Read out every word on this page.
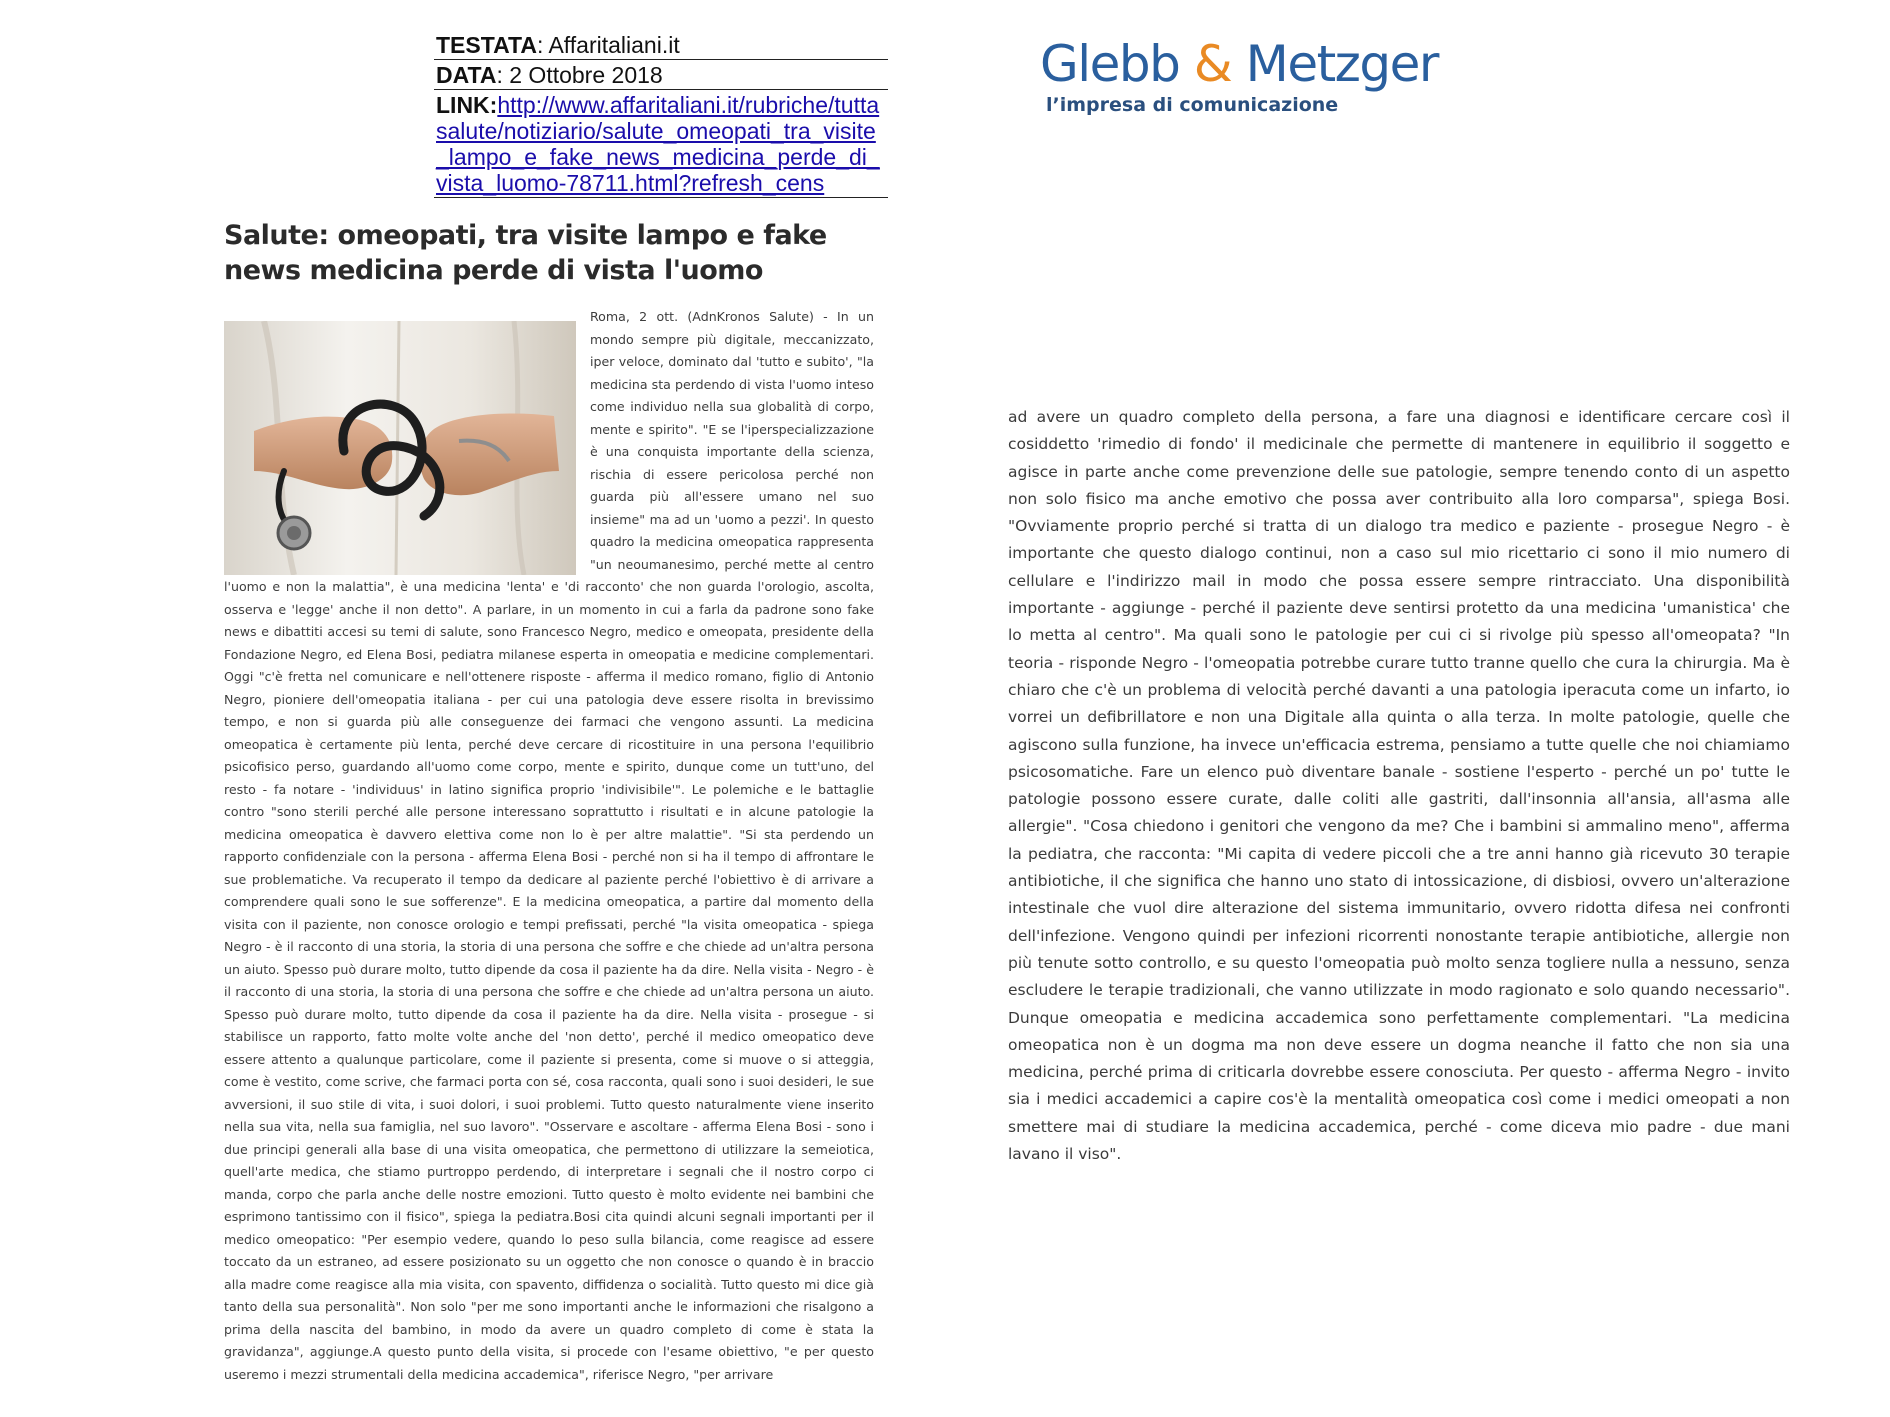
TESTATA: Affaritaliani.it
DATA: 2 Ottobre 2018
LINK:http://www.affaritaliani.it/rubriche/tuttasalute/notiziario/salute_omeopati_tra_visite_lampo_e_fake_news_medicina_perde_di_vista_luomo-78711.html?refresh_cens
Glebb & Metzger
l’impresa di comunicazione
Salute: omeopati, tra visite lampo e fake news medicina perde di vista l'uomo

Roma, 2 ott. (AdnKronos Salute) - In un mondo sempre più digitale, meccanizzato, iper veloce, dominato dal 'tutto e subito', "la medicina sta perdendo di vista l'uomo inteso come individuo nella sua globalità di corpo, mente e spirito". "E se l'iperspecializzazione è una conquista importante della scienza, rischia di essere pericolosa perché non guarda più all'essere umano nel suo insieme" ma ad un 'uomo a pezzi'. In questo quadro la medicina omeopatica rappresenta "un neoumanesimo, perché mette al centro l'uomo e non la malattia", è una medicina 'lenta' e 'di racconto' che non guarda l'orologio, ascolta, osserva e 'legge' anche il non detto". A parlare, in un momento in cui a farla da padrone sono fake news e dibattiti accesi su temi di salute, sono Francesco Negro, medico e omeopata, presidente della Fondazione Negro, ed Elena Bosi, pediatra milanese esperta in omeopatia e medicine complementari. Oggi "c'è fretta nel comunicare e nell'ottenere risposte - afferma il medico romano, figlio di Antonio Negro, pioniere dell'omeopatia italiana - per cui una patologia deve essere risolta in brevissimo tempo, e non si guarda più alle conseguenze dei farmaci che vengono assunti. La medicina omeopatica è certamente più lenta, perché deve cercare di ricostituire in una persona l'equilibrio psicofisico perso, guardando all'uomo come corpo, mente e spirito, dunque come un tutt'uno, del resto - fa notare - 'individuus' in latino significa proprio 'indivisibile'". Le polemiche e le battaglie contro "sono sterili perché alle persone interessano soprattutto i risultati e in alcune patologie la medicina omeopatica è davvero elettiva come non lo è per altre malattie". "Si sta perdendo un rapporto confidenziale con la persona - afferma Elena Bosi - perché non si ha il tempo di affrontare le sue problematiche. Va recuperato il tempo da dedicare al paziente perché l'obiettivo è di arrivare a comprendere quali sono le sue sofferenze". E la medicina omeopatica, a partire dal momento della visita con il paziente, non conosce orologio e tempi prefissati, perché "la visita omeopatica - spiega Negro - è il racconto di una storia, la storia di una persona che soffre e che chiede ad un'altra persona un aiuto. Spesso può durare molto, tutto dipende da cosa il paziente ha da dire. Nella visita - Negro - è il racconto di una storia, la storia di una persona che soffre e che chiede ad un'altra persona un aiuto. Spesso può durare molto, tutto dipende da cosa il paziente ha da dire. Nella visita - prosegue - si stabilisce un rapporto, fatto molte volte anche del 'non detto', perché il medico omeopatico deve essere attento a qualunque particolare, come il paziente si presenta, come si muove o si atteggia, come è vestito, come scrive, che farmaci porta con sé, cosa racconta, quali sono i suoi desideri, le sue avversioni, il suo stile di vita, i suoi dolori, i suoi problemi. Tutto questo naturalmente viene inserito nella sua vita, nella sua famiglia, nel suo lavoro". "Osservare e ascoltare - afferma Elena Bosi - sono i due principi generali alla base di una visita omeopatica, che permettono di utilizzare la semeiotica, quell'arte medica, che stiamo purtroppo perdendo, di interpretare i segnali che il nostro corpo ci manda, corpo che parla anche delle nostre emozioni. Tutto questo è molto evidente nei bambini che esprimono tantissimo con il fisico", spiega la pediatra.Bosi cita quindi alcuni segnali importanti per il medico omeopatico: "Per esempio vedere, quando lo peso sulla bilancia, come reagisce ad essere toccato da un estraneo, ad essere posizionato su un oggetto che non conosce o quando è in braccio alla madre come reagisce alla mia visita, con spavento, diffidenza o socialità. Tutto questo mi dice già tanto della sua personalità". Non solo "per me sono importanti anche le informazioni che risalgono a prima della nascita del bambino, in modo da avere un quadro completo di come è stata la gravidanza", aggiunge.A questo punto della visita, si procede con l'esame obiettivo, "e per questo useremo i mezzi strumentali della medicina accademica", riferisce Negro, "per arrivare

ad avere un quadro completo della persona, a fare una diagnosi e identificare cercare così il cosiddetto 'rimedio di fondo' il medicinale che permette di mantenere in equilibrio il soggetto e agisce in parte anche come prevenzione delle sue patologie, sempre tenendo conto di un aspetto non solo fisico ma anche emotivo che possa aver contribuito alla loro comparsa", spiega Bosi. "Ovviamente proprio perché si tratta di un dialogo tra medico e paziente - prosegue Negro - è importante che questo dialogo continui, non a caso sul mio ricettario ci sono il mio numero di cellulare e l'indirizzo mail in modo che possa essere sempre rintracciato. Una disponibilità importante - aggiunge - perché il paziente deve sentirsi protetto da una medicina 'umanistica' che lo metta al centro". Ma quali sono le patologie per cui ci si rivolge più spesso all'omeopata? "In teoria - risponde Negro - l'omeopatia potrebbe curare tutto tranne quello che cura la chirurgia. Ma è chiaro che c'è un problema di velocità perché davanti a una patologia iperacuta come un infarto, io vorrei un defibrillatore e non una Digitale alla quinta o alla terza. In molte patologie, quelle che agiscono sulla funzione, ha invece un'efficacia estrema, pensiamo a tutte quelle che noi chiamiamo psicosomatiche. Fare un elenco può diventare banale - sostiene l'esperto - perché un po' tutte le patologie possono essere curate, dalle coliti alle gastriti, dall'insonnia all'ansia, all'asma alle allergie". "Cosa chiedono i genitori che vengono da me? Che i bambini si ammalino meno", afferma la pediatra, che racconta: "Mi capita di vedere piccoli che a tre anni hanno già ricevuto 30 terapie antibiotiche, il che significa che hanno uno stato di intossicazione, di disbiosi, ovvero un'alterazione intestinale che vuol dire alterazione del sistema immunitario, ovvero ridotta difesa nei confronti dell'infezione. Vengono quindi per infezioni ricorrenti nonostante terapie antibiotiche, allergie non più tenute sotto controllo, e su questo l'omeopatia può molto senza togliere nulla a nessuno, senza escludere le terapie tradizionali, che vanno utilizzate in modo ragionato e solo quando necessario". Dunque omeopatia e medicina accademica sono perfettamente complementari. "La medicina omeopatica non è un dogma ma non deve essere un dogma neanche il fatto che non sia una medicina, perché prima di criticarla dovrebbe essere conosciuta. Per questo - afferma Negro - invito sia i medici accademici a capire cos'è la mentalità omeopatica così come i medici omeopati a non smettere mai di studiare la medicina accademica, perché - come diceva mio padre - due mani lavano il viso".
